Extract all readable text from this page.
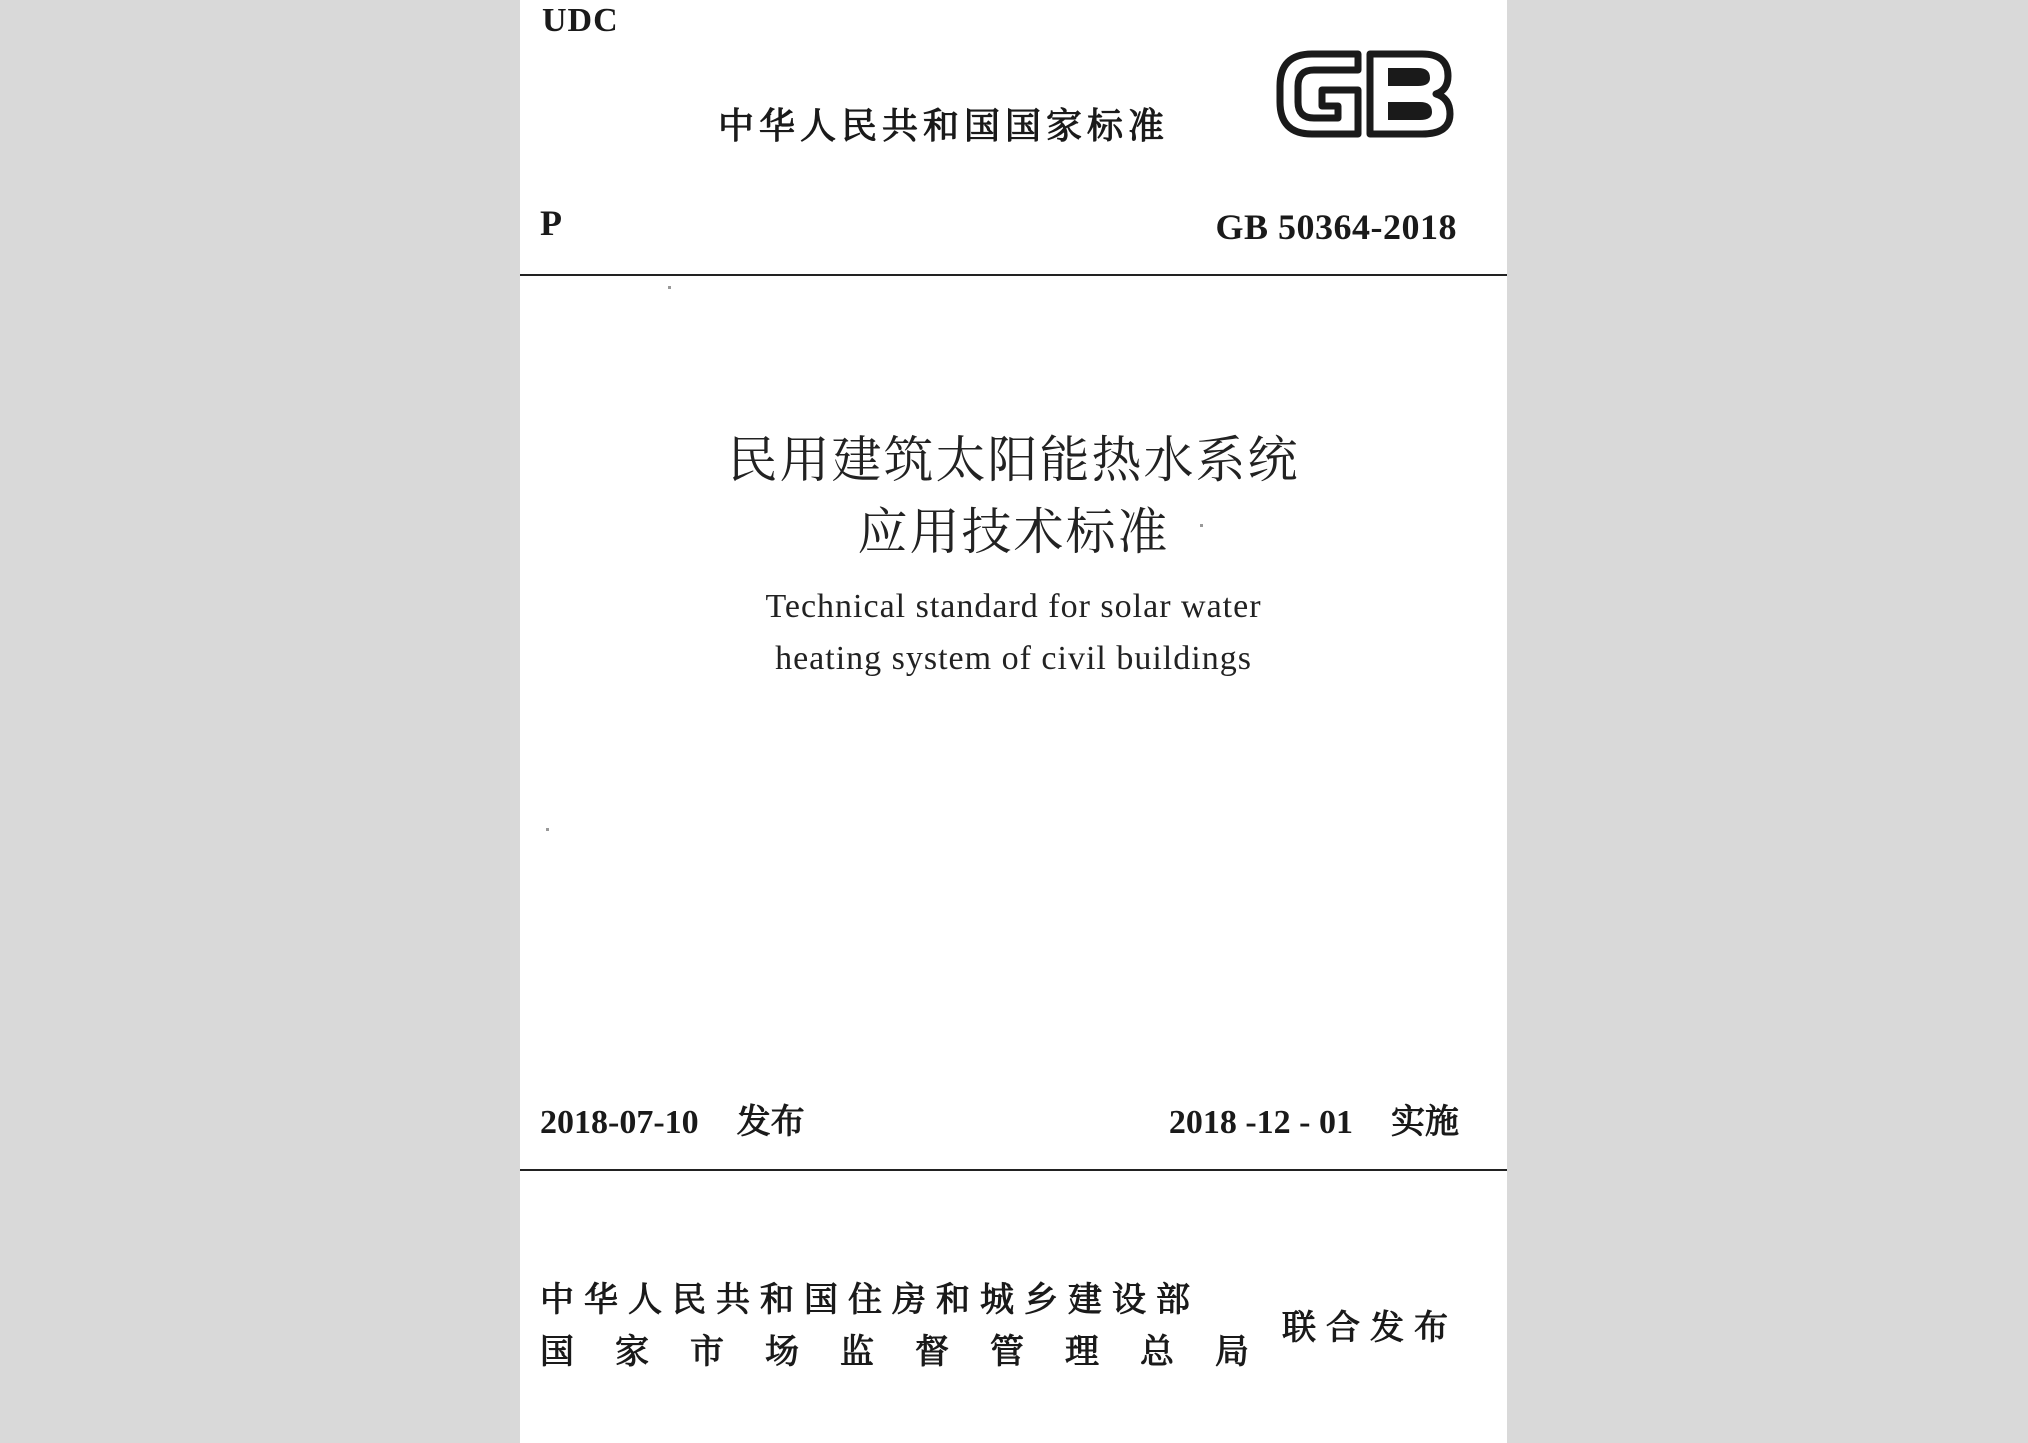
UDC
中华人民共和国国家标准
P	GB 50364-2018
民用建筑太阳能热水系统
应用技术标准
Technical standard for solar water
heating system of civil buildings
2018-07-10 发布	2018 -12 - 01 实施
中华人民共和国住房和城乡建设部
国家市场监督管理总局
联合发布
